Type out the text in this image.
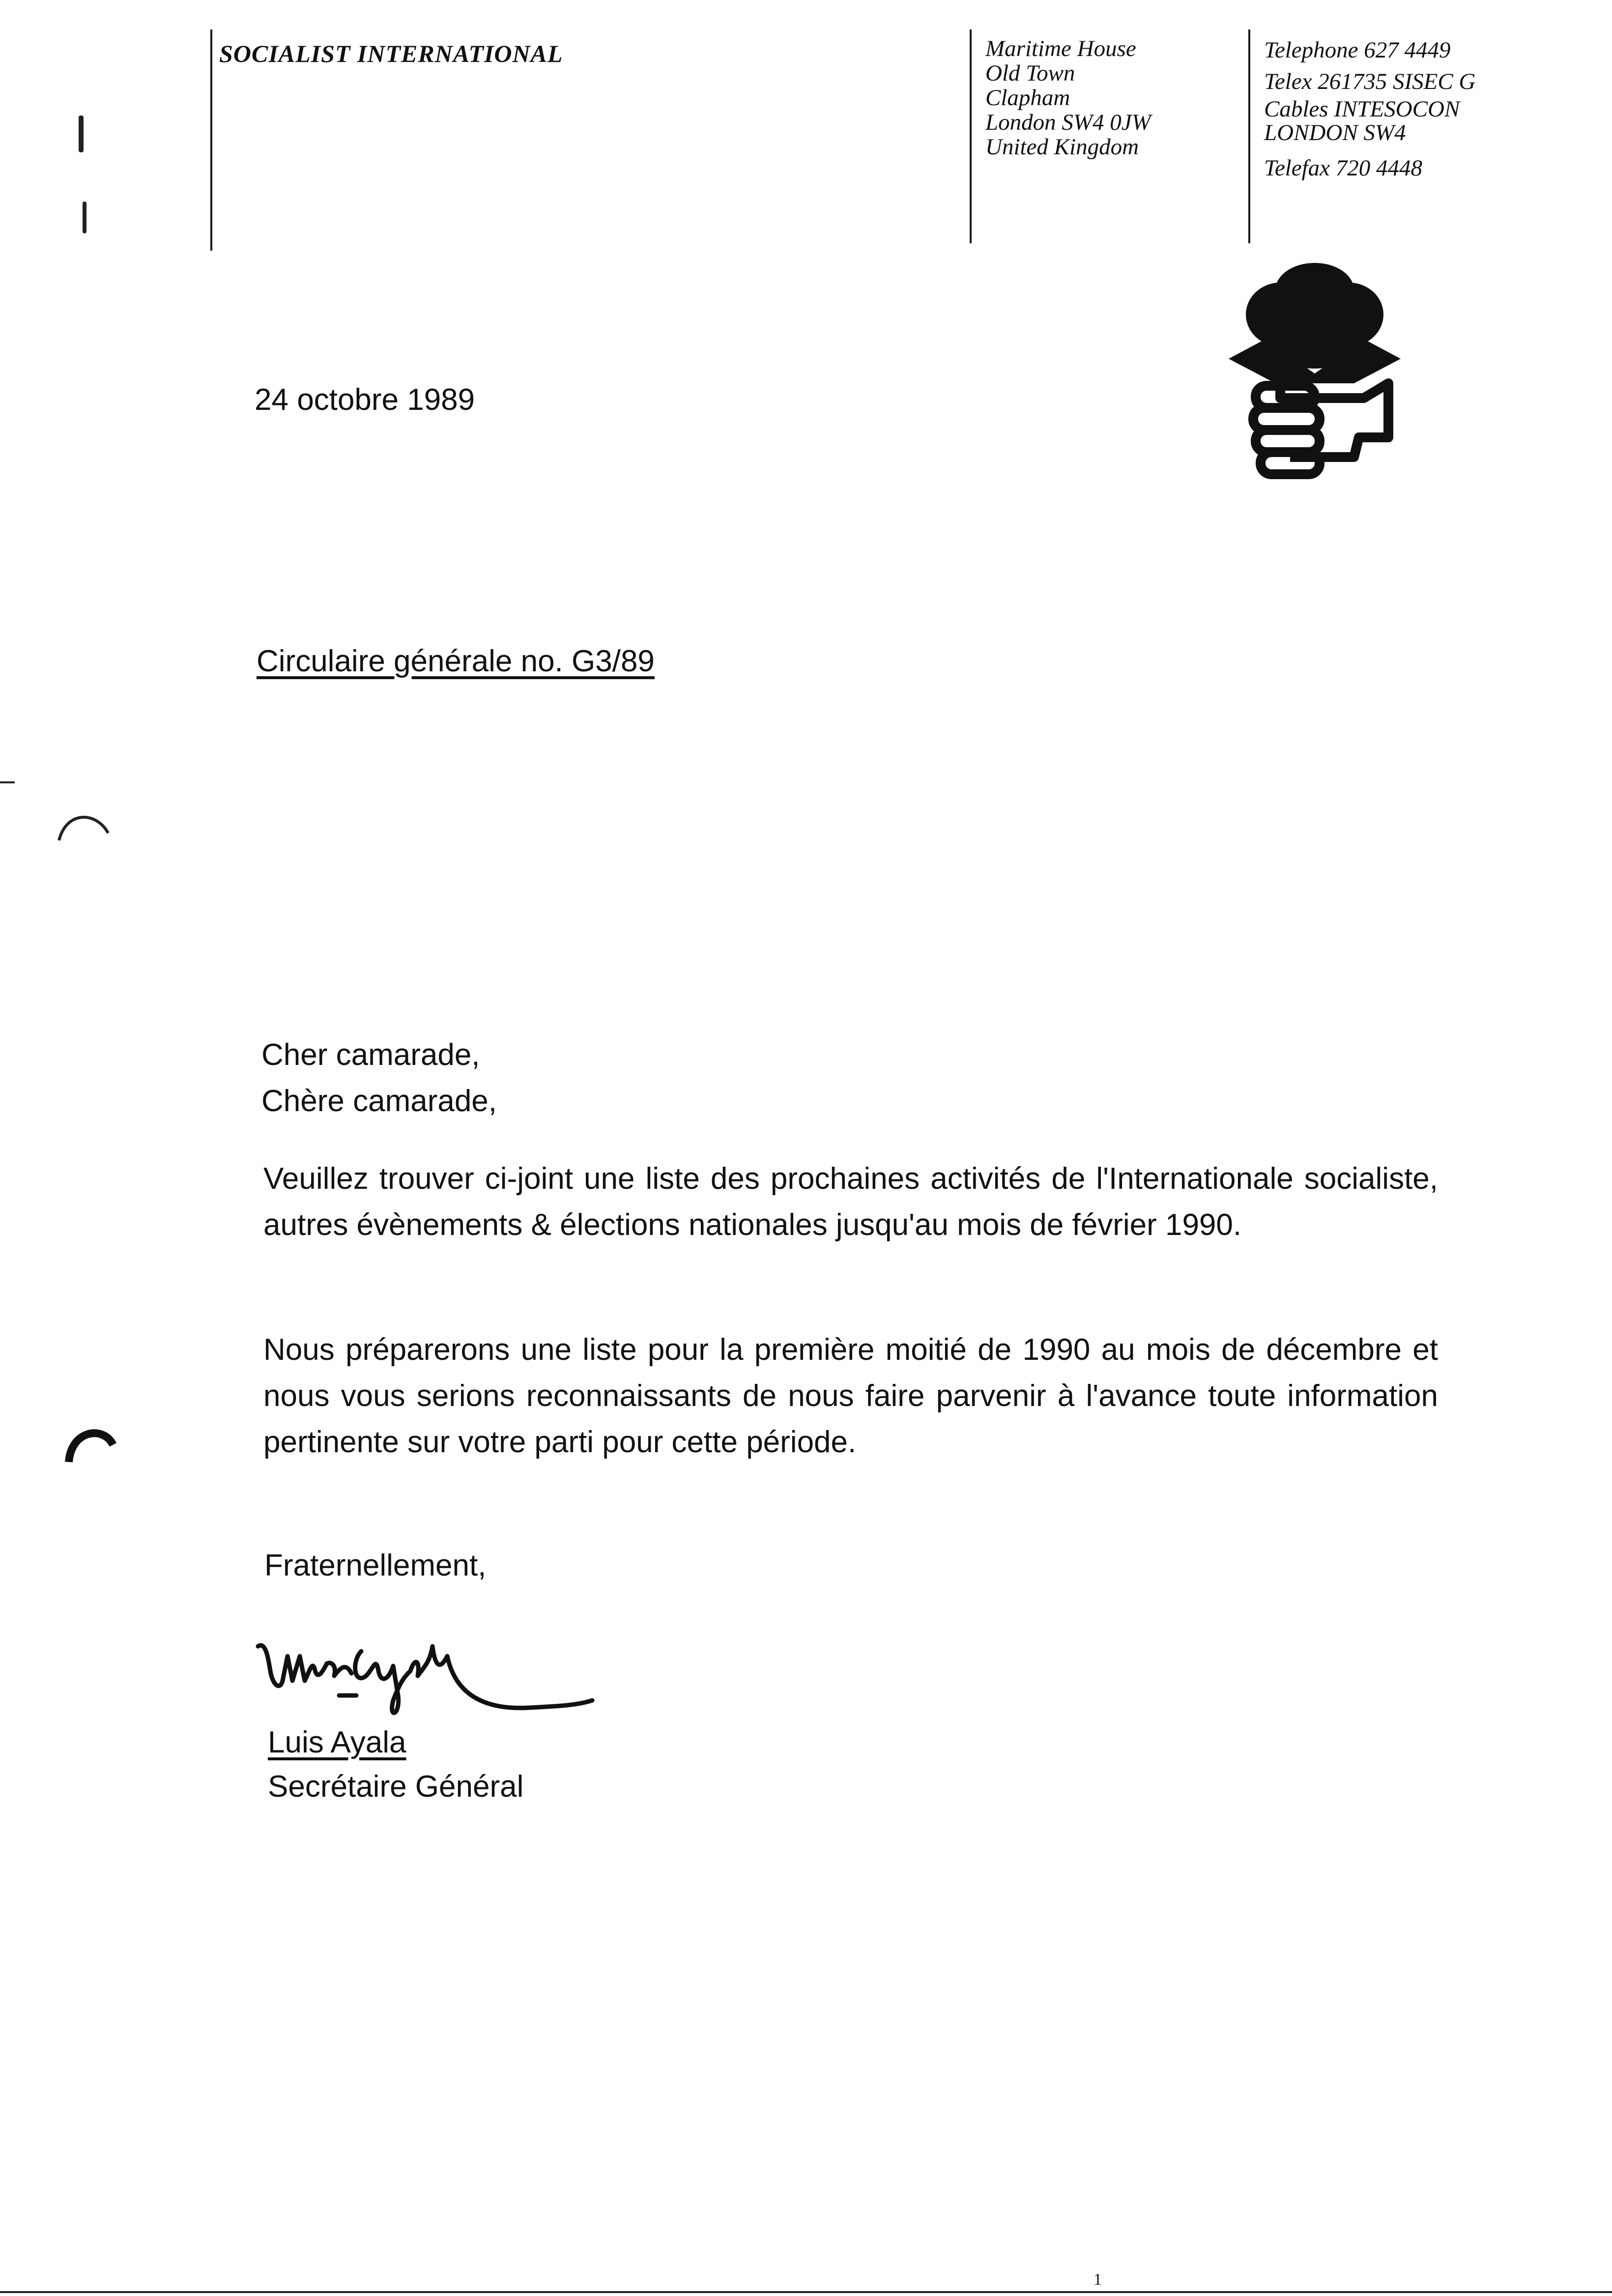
SOCIALIST INTERNATIONAL	Maritime House
Old Town
Clapham
London SW4 0JW
United Kingdom
Telephone 627 4449
Telex 261735 SISEC G
Cables INTESOCON
LONDON SW4
Telefax 720 4448
24 octobre 1989
Circulaire générale no. G3/89
Cher camarade,
Chère camarade,
Veuillez trouver ci-joint une liste des prochaines activités de l'Internationale socialiste, autres évènements & élections nationales jusqu'au mois de février 1990.
Nous préparerons une liste pour la première moitié de 1990 au mois de décembre et nous vous serions reconnaissants de nous faire parvenir à l'avance toute information pertinente sur votre parti pour cette période.
Fraternellement,
Luis Ayala
Secrétaire Général
1
